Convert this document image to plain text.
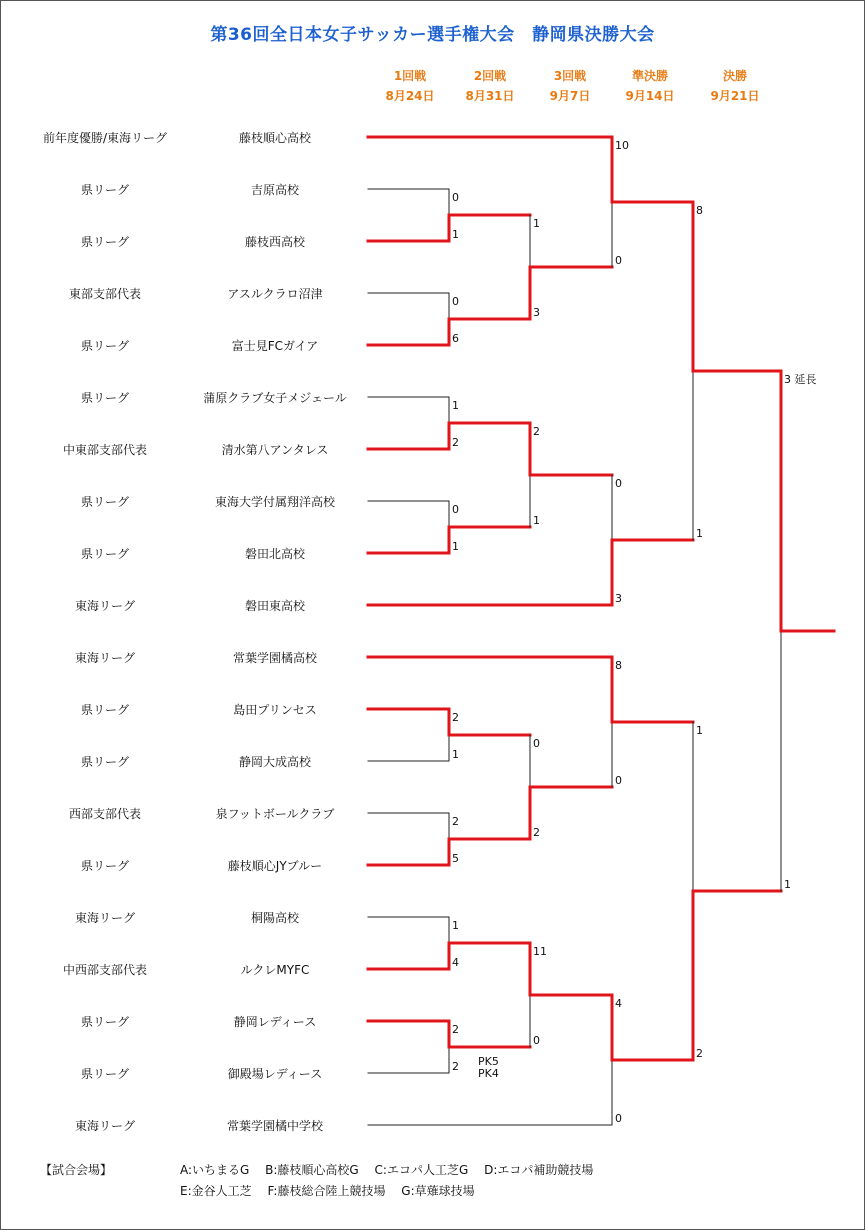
第36回全日本女子サッカー選手権大会　静岡県決勝大会
1回戦
8月24日
2回戦
8月31日
3回戦
9月7日
準決勝
9月14日
決勝
9月21日
前年度優勝/東海リーグ	藤枝順心高校
県リーグ	吉原高校
県リーグ	藤枝西高校
東部支部代表	アスルクラロ沼津
県リーグ	富士見FCガイア
県リーグ	蒲原クラブ女子メジェール
中東部支部代表	清水第八アンタレス
県リーグ	東海大学付属翔洋高校
県リーグ	磐田北高校
東海リーグ	磐田東高校
東海リーグ	常葉学園橘高校
県リーグ	島田プリンセス
県リーグ	静岡大成高校
西部支部代表	泉フットボールクラブ
県リーグ	藤枝順心JYブルー
東海リーグ	桐陽高校
中西部支部代表	ルクレMYFC
県リーグ	静岡レディース
県リーグ	御殿場レディース
東海リーグ	常葉学園橘中学校
0
1
0
6
1
2
0
1
2
1
2
5
1
4
2
2 PK5
PK4
1
3
2
1
0
2
11
0
10
0
0
3
8
0
4
0
8
1
1
2
3 延長
1
【試合会場】	A:いちまるG　 B:藤枝順心高校G　 C:エコパ人工芝G　 D:エコパ補助競技場
E:金谷人工芝　 F:藤枝総合陸上競技場　 G:草薙球技場
